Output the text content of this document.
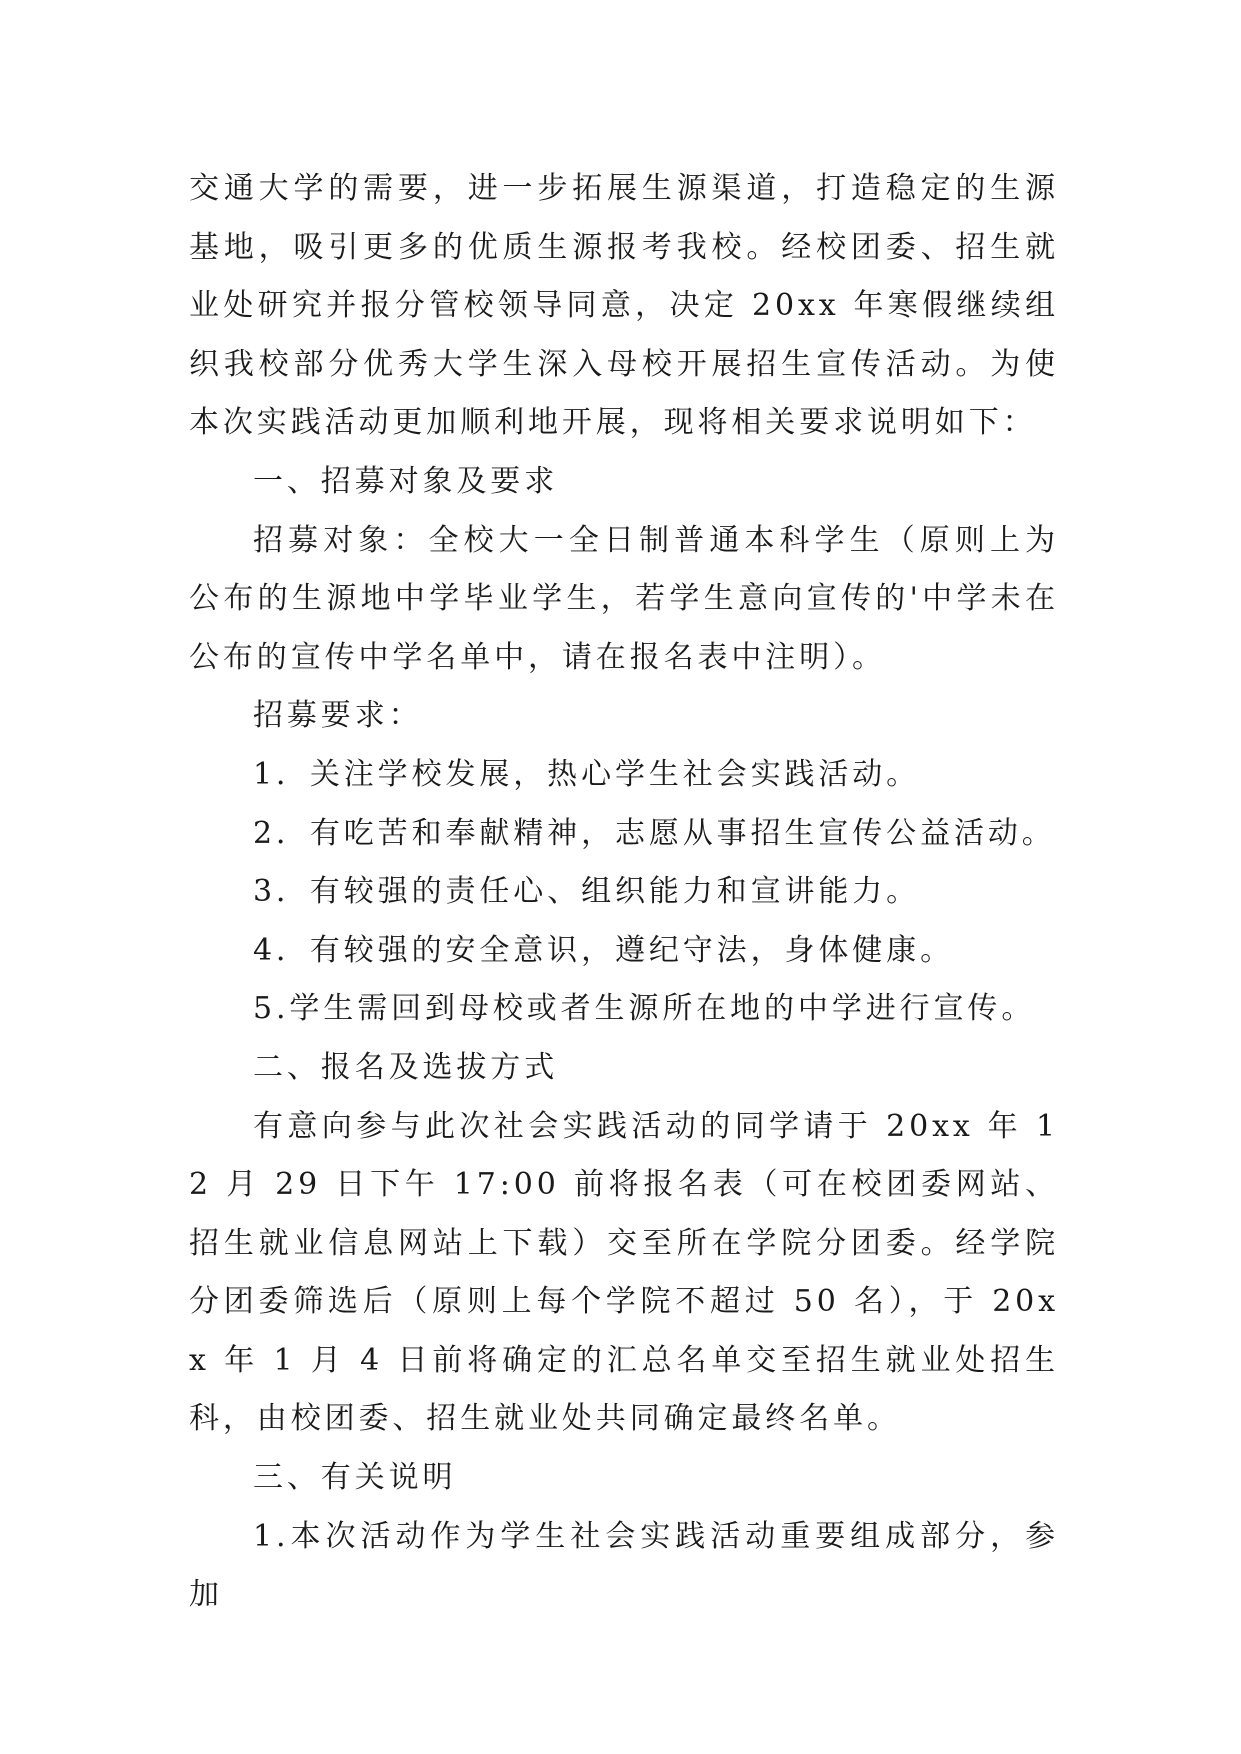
交通大学的需要，进一步拓展生源渠道，打造稳定的生源基地，吸引更多的优质生源报考我校。经校团委、招生就业处研究并报分管校领导同意，决定 20xx 年寒假继续组织我校部分优秀大学生深入母校开展招生宣传活动。为使本次实践活动更加顺利地开展，现将相关要求说明如下：

一、招募对象及要求

招募对象：全校大一全日制普通本科学生（原则上为公布的生源地中学毕业学生，若学生意向宣传的'中学未在公布的宣传中学名单中，请在报名表中注明）。

招募要求：

1．关注学校发展，热心学生社会实践活动。

2．有吃苦和奉献精神，志愿从事招生宣传公益活动。

3．有较强的责任心、组织能力和宣讲能力。

4．有较强的安全意识，遵纪守法，身体健康。

5.学生需回到母校或者生源所在地的中学进行宣传。

二、报名及选拔方式

有意向参与此次社会实践活动的同学请于 20xx 年 12 月 29 日下午 17:00 前将报名表（可在校团委网站、招生就业信息网站上下载）交至所在学院分团委。经学院分团委筛选后（原则上每个学院不超过 50 名），于 20xx 年 1 月 4 日前将确定的汇总名单交至招生就业处招生科，由校团委、招生就业处共同确定最终名单。

三、有关说明

1.本次活动作为学生社会实践活动重要组成部分，参加
